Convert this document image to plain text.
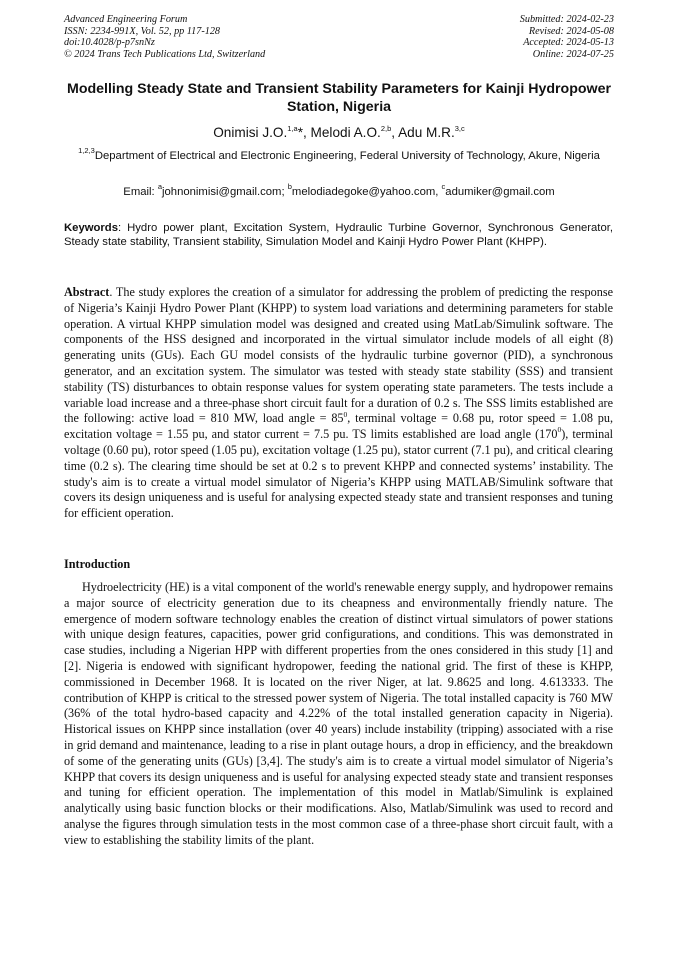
Advanced Engineering Forum
ISSN: 2234-991X, Vol. 52, pp 117-128
doi:10.4028/p-p7snNz
© 2024 Trans Tech Publications Ltd, Switzerland
Submitted: 2024-02-23
Revised: 2024-05-08
Accepted: 2024-05-13
Online: 2024-07-25
Modelling Steady State and Transient Stability Parameters for Kainji Hydropower Station, Nigeria
Onimisi J.O.$^{1,a}$*, Melodi A.O.$^{2,b}$, Adu M.R.$^{3,c}$
$^{1,2,3}$Department of Electrical and Electronic Engineering, Federal University of Technology, Akure, Nigeria
Email: $^a$johnonimisi@gmail.com; $^b$melodiadegoke@yahoo.com, $^c$adumiker@gmail.com
Keywords: Hydro power plant, Excitation System, Hydraulic Turbine Governor, Synchronous Generator, Steady state stability, Transient stability, Simulation Model and Kainji Hydro Power Plant (KHPP).
Abstract. The study explores the creation of a simulator for addressing the problem of predicting the response of Nigeria’s Kainji Hydro Power Plant (KHPP) to system load variations and determining parameters for stable operation. A virtual KHPP simulation model was designed and created using MatLab/Simulink software. The components of the HSS designed and incorporated in the virtual simulator include models of all eight (8) generating units (GUs). Each GU model consists of the hydraulic turbine governor (PID), a synchronous generator, and an excitation system. The simulator was tested with steady state stability (SSS) and transient stability (TS) disturbances to obtain response values for system operating state parameters. The tests include a variable load increase and a three-phase short circuit fault for a duration of 0.2 s. The SSS limits established are the following: active load = 810 MW, load angle = $85^0$, terminal voltage = 0.68 pu, rotor speed = 1.08 pu, excitation voltage = 1.55 pu, and stator current = 7.5 pu. TS limits established are load angle $(170^0)$, terminal voltage (0.60 pu), rotor speed (1.05 pu), excitation voltage (1.25 pu), stator current (7.1 pu), and critical clearing time (0.2 s). The clearing time should be set at 0.2 s to prevent KHPP and connected systems’ instability. The study's aim is to create a virtual model simulator of Nigeria’s KHPP using MATLAB/Simulink software that covers its design uniqueness and is useful for analysing expected steady state and transient responses and tuning for efficient operation.
Introduction

Hydroelectricity (HE) is a vital component of the world's renewable energy supply, and hydropower remains a major source of electricity generation due to its cheapness and environmentally friendly nature. The emergence of modern software technology enables the creation of distinct virtual simulators of power stations with unique design features, capacities, power grid configurations, and conditions. This was demonstrated in case studies, including a Nigerian HPP with different properties from the ones considered in this study [1] and [2]. Nigeria is endowed with significant hydropower, feeding the national grid. The first of these is KHPP, commissioned in December 1968. It is located on the river Niger, at lat. 9.8625 and long. 4.613333. The contribution of KHPP is critical to the stressed power system of Nigeria. The total installed capacity is 760 MW (36% of the total hydro-based capacity and 4.22% of the total installed generation capacity in Nigeria). Historical issues on KHPP since installation (over 40 years) include instability (tripping) associated with a rise in grid demand and maintenance, leading to a rise in plant outage hours, a drop in efficiency, and the breakdown of some of the generating units (GUs) [3,4]. The study's aim is to create a virtual model simulator of Nigeria’s KHPP that covers its design uniqueness and is useful for analysing expected steady state and transient responses and tuning for efficient operation. The implementation of this model in Matlab/Simulink is explained analytically using basic function blocks or their modifications. Also, Matlab/Simulink was used to record and analyse the figures through simulation tests in the most common case of a three-phase short circuit fault, with a view to establishing the stability limits of the plant.
